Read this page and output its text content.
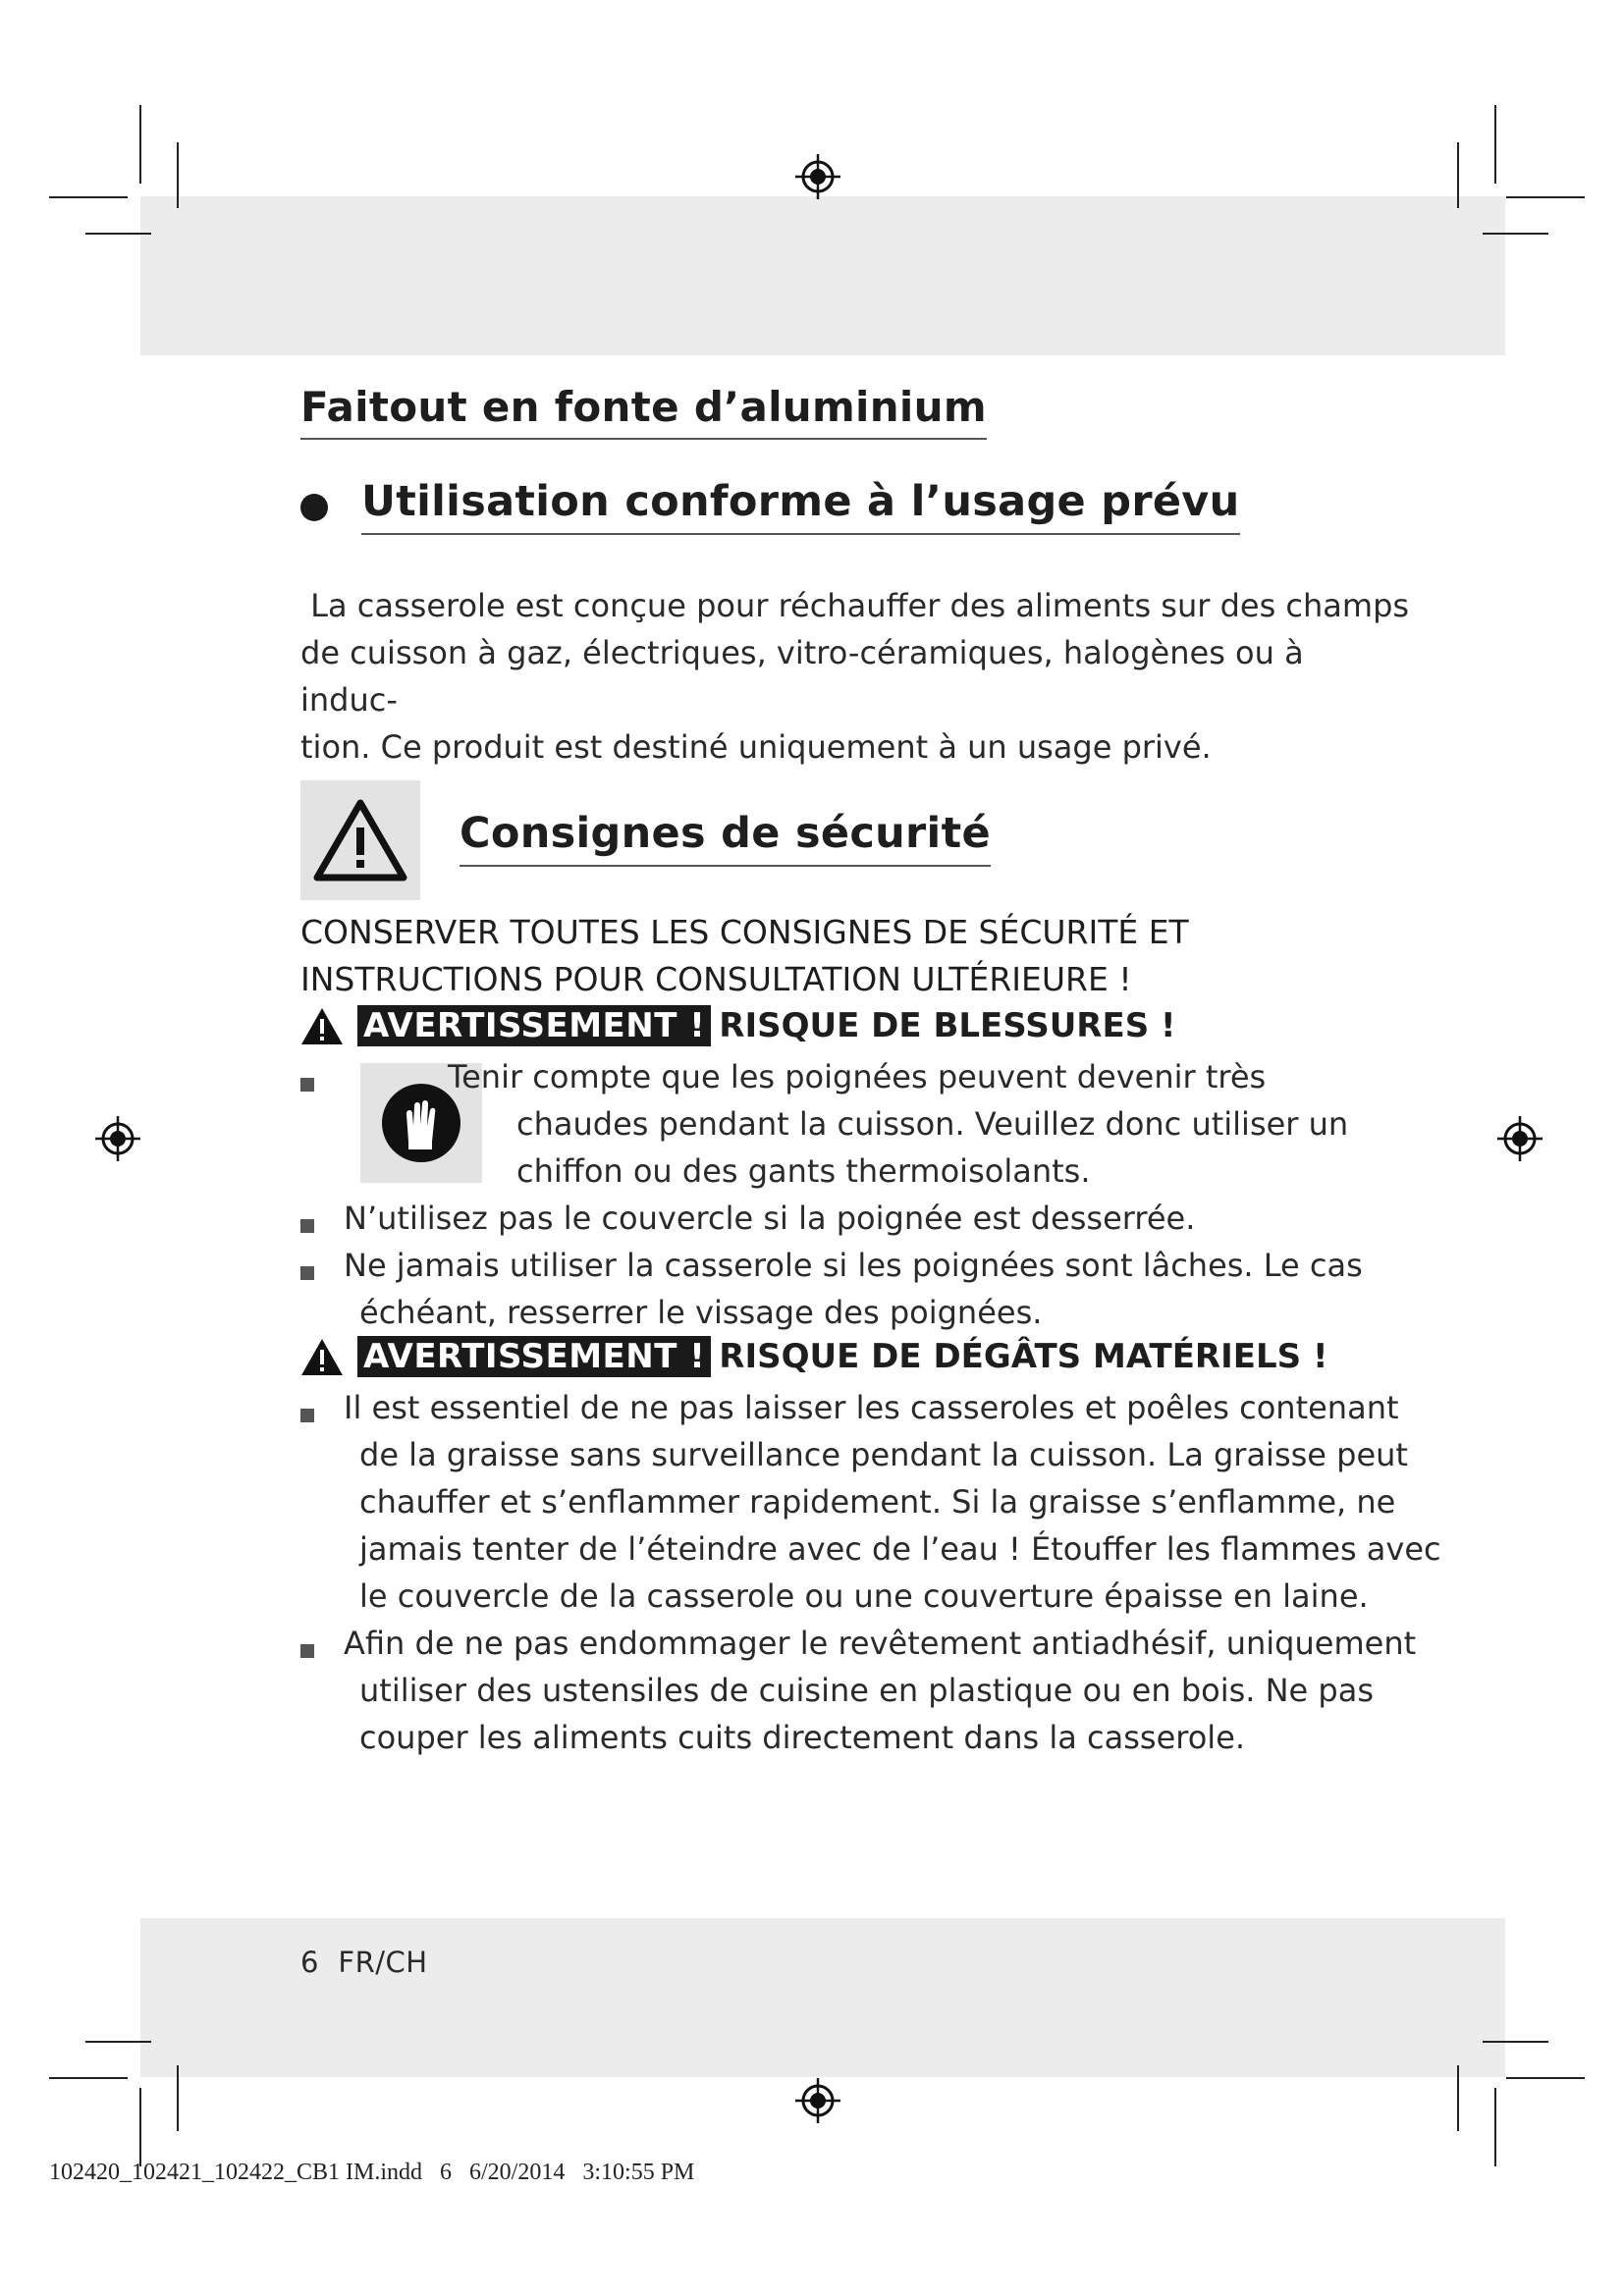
Faitout en fonte d’aluminium
Utilisation conforme à l’usage prévu
La casserole est conçue pour réchauffer des aliments sur des champs
de cuisson à gaz, électriques, vitro-céramiques, halogènes ou à induc-
tion. Ce produit est destiné uniquement à un usage privé.
Consignes de sécurité
CONSERVER TOUTES LES CONSIGNES DE SÉCURITÉ ET
INSTRUCTIONS POUR CONSULTATION ULTÉRIEURE !
AVERTISSEMENT ! RISQUE DE BLESSURES !
Tenir compte que les poignées peuvent devenir très
chaudes pendant la cuisson. Veuillez donc utiliser un
chiffon ou des gants thermoisolants.
N’utilisez pas le couvercle si la poignée est desserrée.
Ne jamais utiliser la casserole si les poignées sont lâches. Le cas
échéant, resserrer le vissage des poignées.
AVERTISSEMENT ! RISQUE DE DÉGÂTS MATÉRIELS !
Il est essentiel de ne pas laisser les casseroles et poêles contenant
de la graisse sans surveillance pendant la cuisson. La graisse peut
chauffer et s’enflammer rapidement. Si la graisse s’enflamme, ne
jamais tenter de l’éteindre avec de l’eau ! Étouffer les flammes avec
le couvercle de la casserole ou une couverture épaisse en laine.
Afin de ne pas endommager le revêtement antiadhésif, uniquement
utiliser des ustensiles de cuisine en plastique ou en bois. Ne pas
couper les aliments cuits directement dans la casserole.
6  FR/CH
102420_102421_102422_CB1 IM.indd   6   6/20/2014   3:10:55 PM
